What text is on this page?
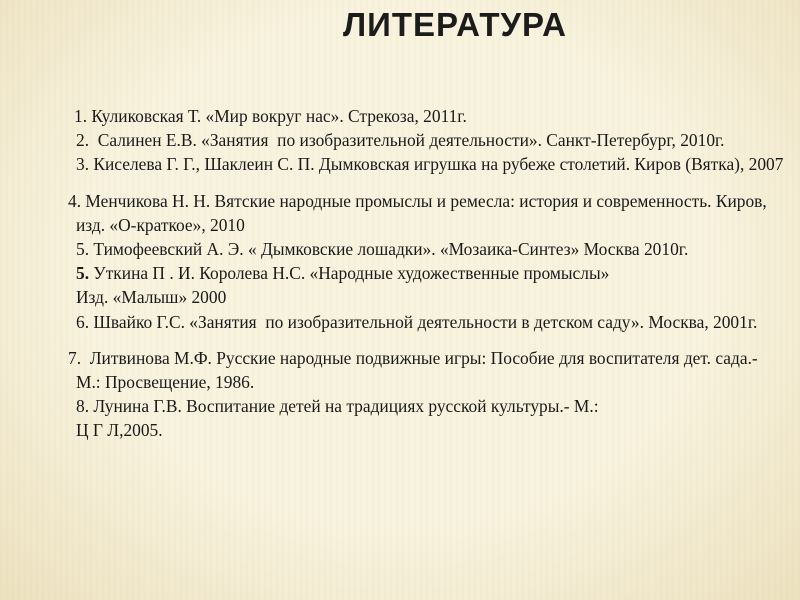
ЛИТЕРАТУРА

1. Куликовская Т. «Мир вокруг нас». Стрекоза, 2011г.

2.  Салинен Е.В. «Занятия  по изобразительной деятельности». Санкт-Петербург, 2010г.

3. Киселева Г. Г., Шаклеин С. П. Дымковская игрушка на рубеже столетий. Киров (Вятка), 2007

4. Менчикова Н. Н. Вятские народные промыслы и ремесла: история и современность. Киров, изд. «О-краткое», 2010

5. Тимофеевский А. Э. « Дымковские лошадки». «Мозаика-Синтез» Москва 2010г.

5. Уткина П . И. Королева Н.С. «Народные художественные промыслы»

Изд. «Малыш» 2000

6. Швайко Г.С. «Занятия  по изобразительной деятельности в детском саду». Москва, 2001г.

7.  Литвинова М.Ф. Русские народные подвижные игры: Пособие для воспитателя дет. сада.- М.: Просвещение, 1986.

8. Лунина Г.В. Воспитание детей на традициях русской культуры.- М.:

Ц Г Л,2005.
